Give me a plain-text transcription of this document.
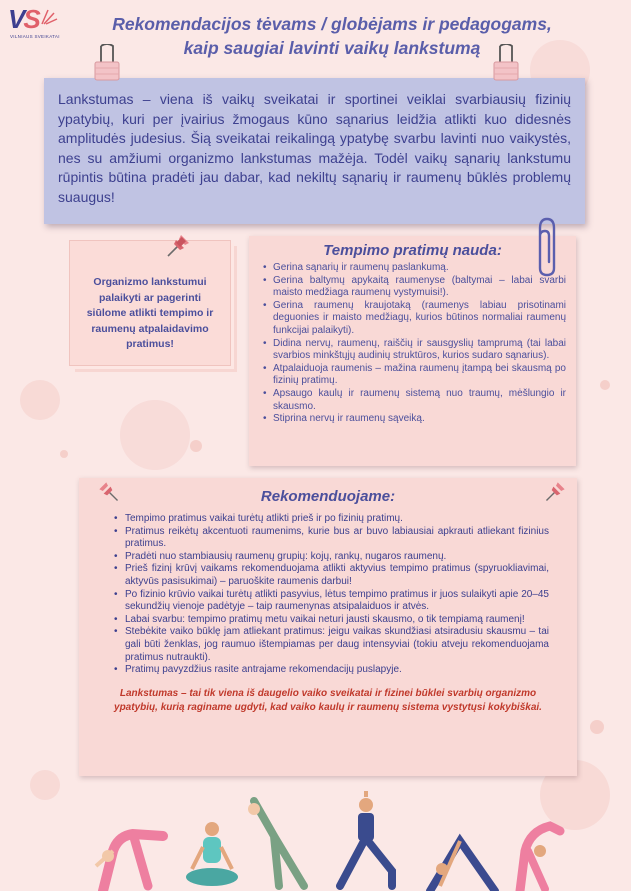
VS
VILNIAUS SVEIKATAI
Rekomendacijos tėvams / globėjams ir pedagogams,
kaip saugiai lavinti vaikų lankstumą

Lankstumas – viena iš vaikų sveikatai ir sportinei veiklai svarbiausių fizinių ypatybių, kuri per įvairius žmogaus kūno sąnarius leidžia atlikti kuo didesnės amplitudės judesius. Šią sveikatai reikalingą ypatybę svarbu lavinti nuo vaikystės, nes su amžiumi organizmo lankstumas mažėja. Todėl vaikų sąnarių lankstumu rūpintis būtina pradėti jau dabar, kad nekiltų sąnarių ir raumenų būklės problemų suaugus!

Organizmo lankstumui palaikyti ar pagerinti siūlome atlikti tempimo ir raumenų atpalaidavimo pratimus!

Tempimo pratimų nauda:
• Gerina sąnarių ir raumenų paslankumą.
• Gerina baltymų apykaitą raumenyse (baltymai – labai svarbi maisto medžiaga raumenų vystymuisi!).
• Gerina raumenų kraujotaką (raumenys labiau prisotinami deguonies ir maisto medžiagų, kurios būtinos normaliai raumenų funkcijai palaikyti).
• Didina nervų, raumenų, raiščių ir sausgyslių tamprumą (tai labai svarbios minkštųjų audinių struktūros, kurios sudaro sąnarius).
• Atpalaiduoja raumenis – mažina raumenų įtampą bei skausmą po fizinių pratimų.
• Apsaugo kaulų ir raumenų sistemą nuo traumų, mėšlungio ir skausmo.
• Stiprina nervų ir raumenų sąveiką.
Rekomenduojame:
• Tempimo pratimus vaikai turėtų atlikti prieš ir po fizinių pratimų.
• Pratimus reikėtų akcentuoti raumenims, kurie bus ar buvo labiausiai apkrauti atliekant fizinius pratimus.
• Pradėti nuo stambiausių raumenų grupių: kojų, rankų, nugaros raumenų.
• Prieš fizinį krūvį vaikams rekomenduojama atlikti aktyvius tempimo pratimus (spyruokliavimai, aktyvūs pasisukimai) – paruoškite raumenis darbui!
• Po fizinio krūvio vaikai turėtų atlikti pasyvius, lėtus tempimo pratimus ir juos sulaikyti apie 20–45 sekundžių vienoje padėtyje – taip raumenynas atsipalaiduos ir atvės.
• Labai svarbu: tempimo pratimų metu vaikai neturi jausti skausmo, o tik tempiamą raumenį!
• Stebėkite vaiko būklę jam atliekant pratimus: jeigu vaikas skundžiasi atsiradusiu skausmu – tai gali būti ženklas, jog raumuo ištempiamas per daug intensyviai (tokiu atveju rekomenduojama pratimus nutraukti).
• Pratimų pavyzdžius rasite antrajame rekomendacijų puslapyje.

Lankstumas – tai tik viena iš daugelio vaiko sveikatai ir fizinei būklei svarbių organizmo ypatybių, kurią raginame ugdyti, kad vaiko kaulų ir raumenų sistema vystytųsi kokybiškai.
